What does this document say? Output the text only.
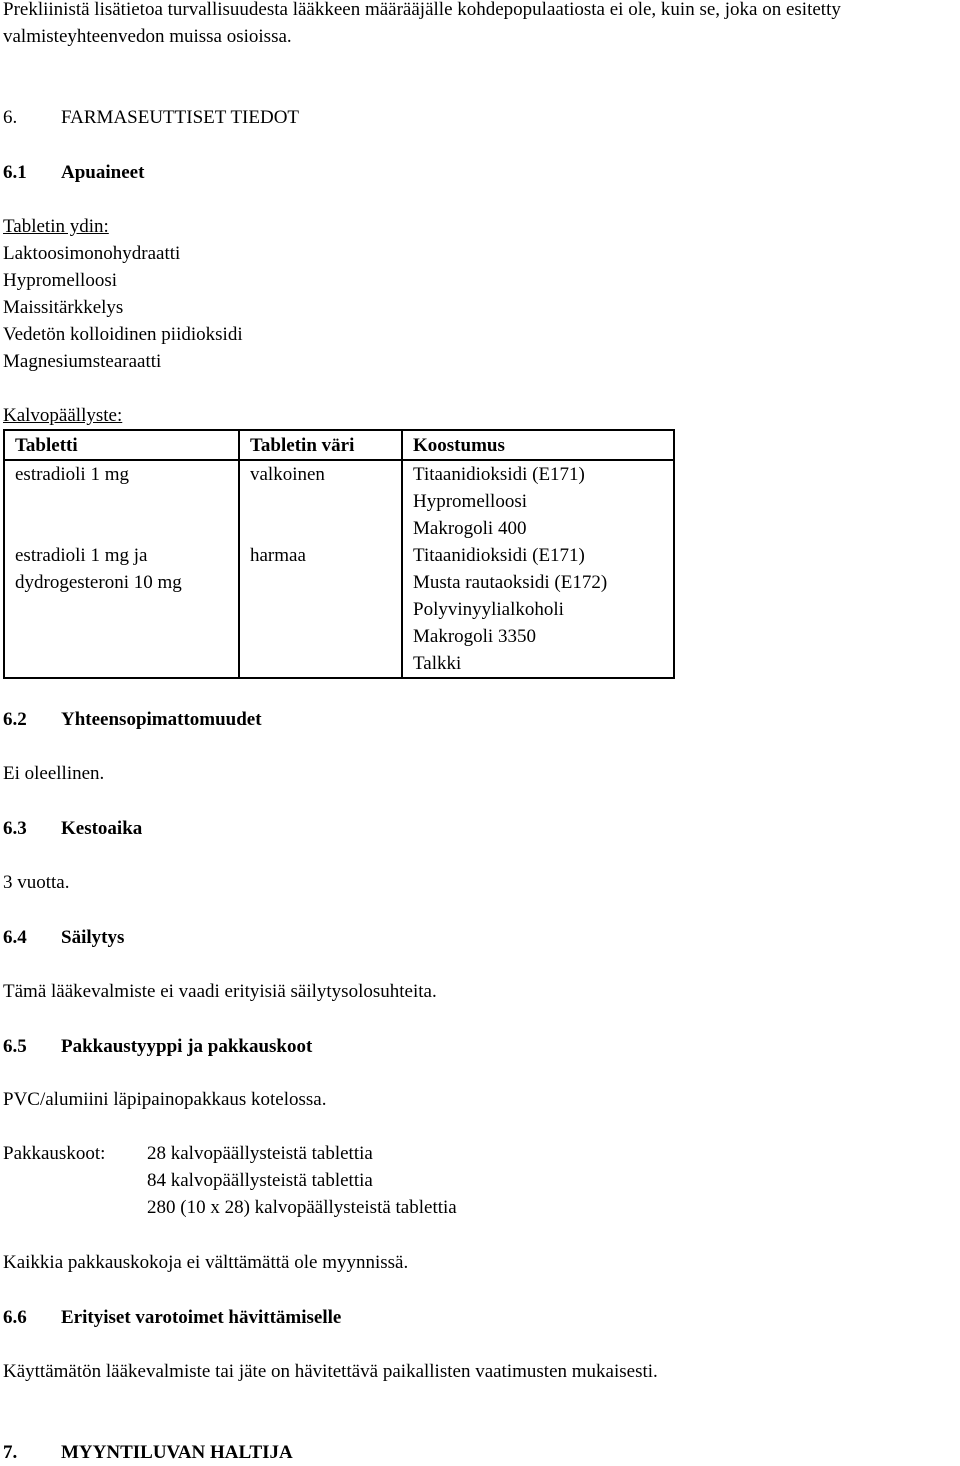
Prekliinistä lisätietoa turvallisuudesta lääkkeen määrääjälle kohdepopulaatiosta ei ole, kuin se, joka on esitetty
valmisteyhteenvedon muissa osioissa.
6. FARMASEUTTISET TIEDOT
6.1 Apuaineet
Tabletin ydin:
Laktoosimonohydraatti
Hypromelloosi
Maissitärkkelys
Vedetön kolloidinen piidioksidi
Magnesiumstearaatti
Kalvopäällyste:
Tabletti	Tabletin väri	Koostumus

estradioli 1 mg	valkoinen	Titaanidioksidi (E171)
Hypromelloosi
Makrogoli 400

estradioli 1 mg ja
dydrogesteroni 10 mg	harmaa	Titaanidioksidi (E171)
Musta rautaoksidi (E172)
Polyvinyylialkoholi
Makrogoli 3350
Talkki
6.2 Yhteensopimattomuudet
Ei oleellinen.
6.3 Kestoaika
3 vuotta.
6.4 Säilytys
Tämä lääkevalmiste ei vaadi erityisiä säilytysolosuhteita.
6.5 Pakkaustyyppi ja pakkauskoot
PVC/alumiini läpipainopakkaus kotelossa.
Pakkauskoot: 28 kalvopäällysteistä tablettia
84 kalvopäällysteistä tablettia
280 (10 x 28) kalvopäällysteistä tablettia
Kaikkia pakkauskokoja ei välttämättä ole myynnissä.
6.6 Erityiset varotoimet hävittämiselle
Käyttämätön lääkevalmiste tai jäte on hävitettävä paikallisten vaatimusten mukaisesti.
7. MYYNTILUVAN HALTIJA
